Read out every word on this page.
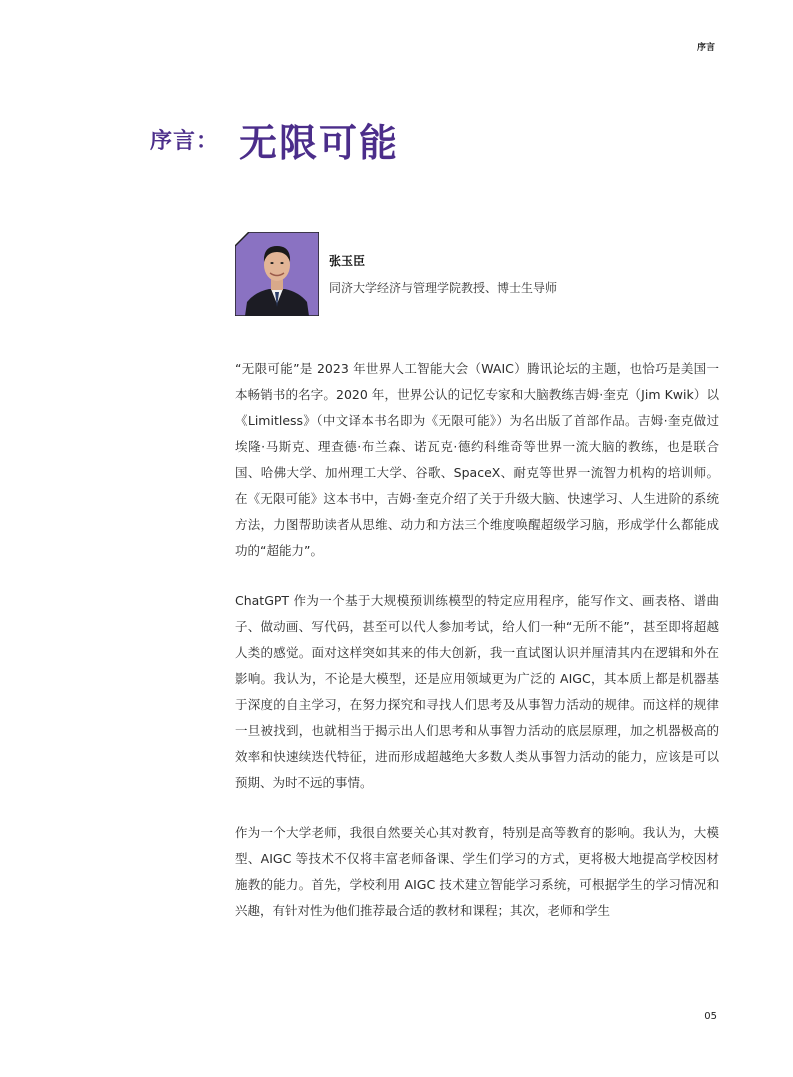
序言
序言： 无限可能
张玉臣
同济大学经济与管理学院教授、博士生导师

“无限可能”是 2023 年世界人工智能大会（WAIC）腾讯论坛的主题，也恰巧是美国一本畅销书的名字。2020 年，世界公认的记忆专家和大脑教练吉姆·奎克（Jim Kwik）以《Limitless》（中文译本书名即为《无限可能》）为名出版了首部作品。吉姆·奎克做过埃隆·马斯克、理查德·布兰森、诺瓦克·德约科维奇等世界一流大脑的教练，也是联合国、哈佛大学、加州理工大学、谷歌、SpaceX、耐克等世界一流智力机构的培训师。在《无限可能》这本书中，吉姆·奎克介绍了关于升级大脑、快速学习、人生进阶的系统方法，力图帮助读者从思维、动力和方法三个维度唤醒超级学习脑，形成学什么都能成功的“超能力”。

ChatGPT 作为一个基于大规模预训练模型的特定应用程序，能写作文、画表格、谱曲子、做动画、写代码，甚至可以代人参加考试，给人们一种“无所不能”，甚至即将超越人类的感觉。面对这样突如其来的伟大创新，我一直试图认识并厘清其内在逻辑和外在影响。我认为，不论是大模型，还是应用领域更为广泛的 AIGC，其本质上都是机器基于深度的自主学习，在努力探究和寻找人们思考及从事智力活动的规律。而这样的规律一旦被找到，也就相当于揭示出人们思考和从事智力活动的底层原理，加之机器极高的效率和快速续迭代特征，进而形成超越绝大多数人类从事智力活动的能力，应该是可以预期、为时不远的事情。

作为一个大学老师，我很自然要关心其对教育，特别是高等教育的影响。我认为，大模型、AIGC 等技术不仅将丰富老师备课、学生们学习的方式，更将极大地提高学校因材施教的能力。首先，学校利用 AIGC 技术建立智能学习系统，可根据学生的学习情况和兴趣，有针对性为他们推荐最合适的教材和课程；其次，老师和学生

05
